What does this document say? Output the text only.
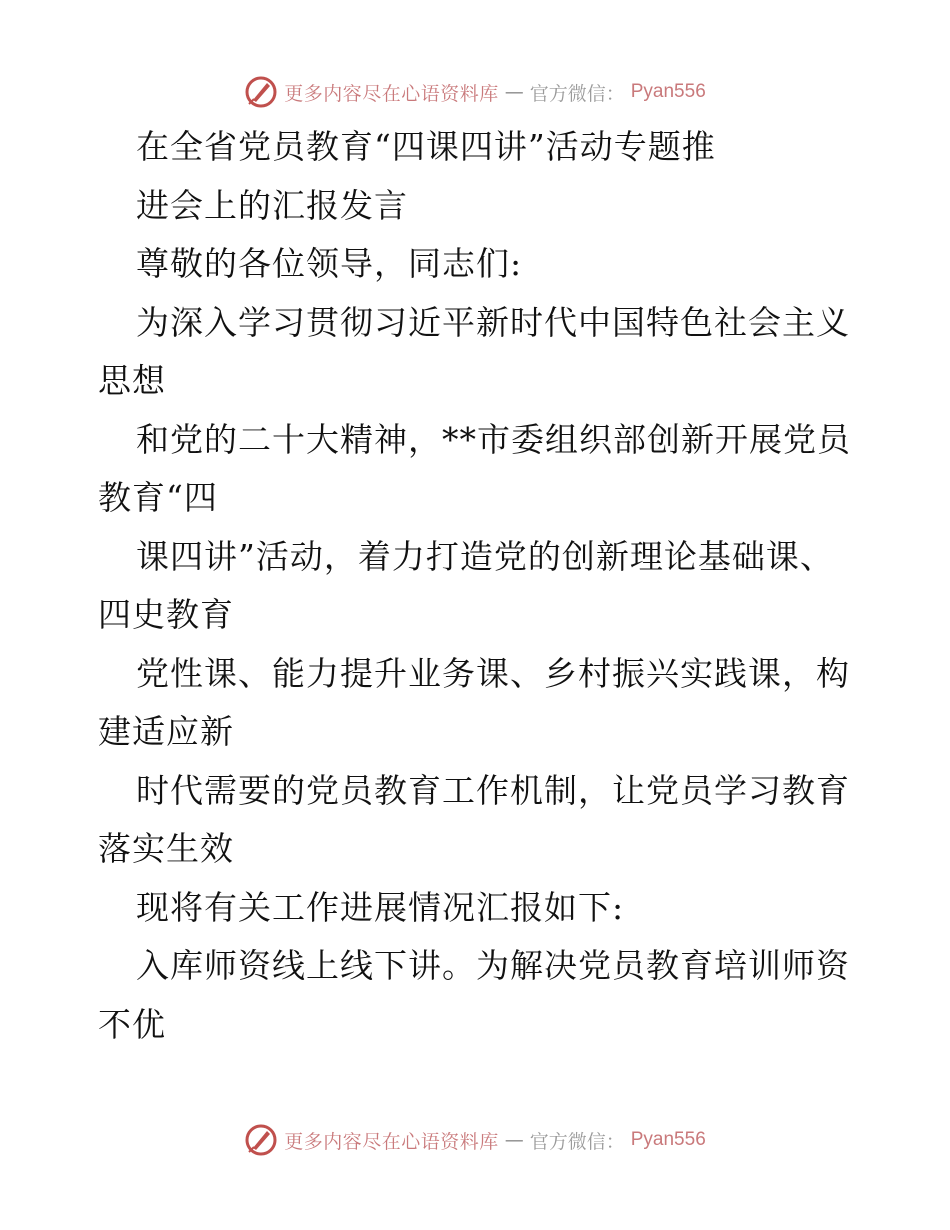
更多内容尽在心语资料库 — 官方微信： Pyan556
在全省党员教育“四课四讲”活动专题推
进会上的汇报发言
尊敬的各位领导，同志们:
为深入学习贯彻习近平新时代中国特色社会主义
思想
和党的二十大精神，**市委组织部创新开展党员
教育“四
课四讲”活动，着力打造党的创新理论基础课、
四史教育
党性课、能力提升业务课、乡村振兴实践课，构
建适应新
时代需要的党员教育工作机制，让党员学习教育
落实生效
现将有关工作进展情况汇报如下:
入库师资线上线下讲。为解决党员教育培训师资
不优
更多内容尽在心语资料库 — 官方微信： Pyan556
